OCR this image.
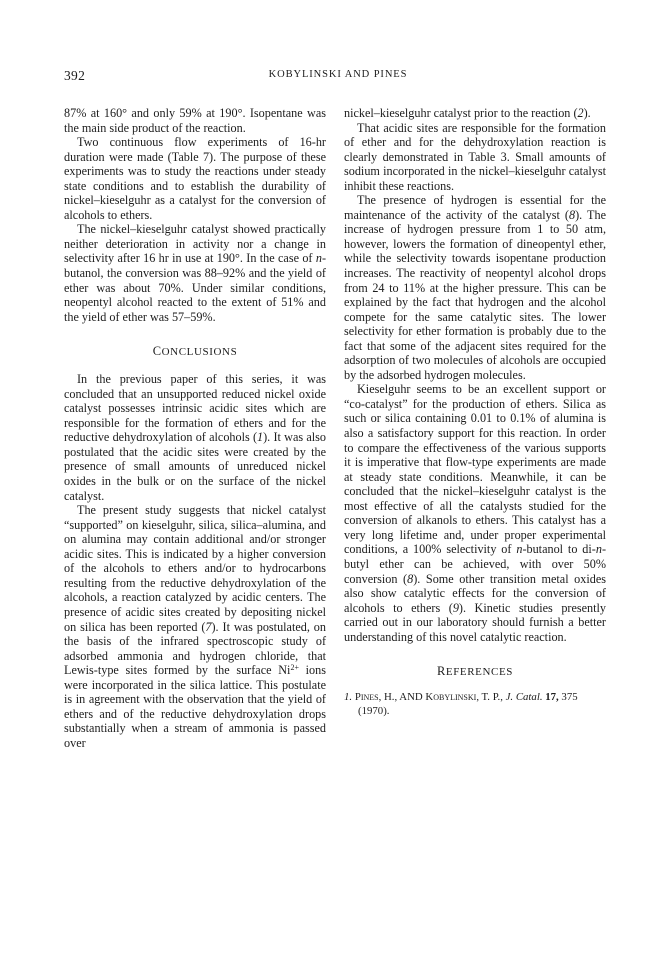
392	KOBYLINSKI AND PINES

87% at 160° and only 59% at 190°. Isopentane was the main side product of the reaction.

Two continuous flow experiments of 16-hr duration were made (Table 7). The purpose of these experiments was to study the reactions under steady state conditions and to establish the durability of nickel–kieselguhr as a catalyst for the conversion of alcohols to ethers.

The nickel–kieselguhr catalyst showed practically neither deterioration in activity nor a change in selectivity after 16 hr in use at 190°. In the case of n-butanol, the conversion was 88–92% and the yield of ether was about 70%. Under similar conditions, neopentyl alcohol reacted to the extent of 51% and the yield of ether was 57–59%.

CONCLUSIONS

In the previous paper of this series, it was concluded that an unsupported reduced nickel oxide catalyst possesses intrinsic acidic sites which are responsible for the formation of ethers and for the reductive dehydroxylation of alcohols (1). It was also postulated that the acidic sites were created by the presence of small amounts of unreduced nickel oxides in the bulk or on the surface of the nickel catalyst.

The present study suggests that nickel catalyst “supported” on kieselguhr, silica, silica–alumina, and on alumina may contain additional and/or stronger acidic sites. This is indicated by a higher conversion of the alcohols to ethers and/or to hydrocarbons resulting from the reductive dehydroxylation of the alcohols, a reaction catalyzed by acidic centers. The presence of acidic sites created by depositing nickel on silica has been reported (7). It was postulated, on the basis of the infrared spectroscopic study of adsorbed ammonia and hydrogen chloride, that Lewis-type sites formed by the surface $Ni^{2+}$ ions were incorporated in the silica lattice. This postulate is in agreement with the observation that the yield of ethers and of the reductive dehydroxylation drops substantially when a stream of ammonia is passed over

nickel–kieselguhr catalyst prior to the reaction (2).

That acidic sites are responsible for the formation of ether and for the dehydroxylation reaction is clearly demonstrated in Table 3. Small amounts of sodium incorporated in the nickel–kieselguhr catalyst inhibit these reactions.

The presence of hydrogen is essential for the maintenance of the activity of the catalyst (8). The increase of hydrogen pressure from 1 to 50 atm, however, lowers the formation of dineopentyl ether, while the selectivity towards isopentane production increases. The reactivity of neopentyl alcohol drops from 24 to 11% at the higher pressure. This can be explained by the fact that hydrogen and the alcohol compete for the same catalytic sites. The lower selectivity for ether formation is probably due to the fact that some of the adjacent sites required for the adsorption of two molecules of alcohols are occupied by the adsorbed hydrogen molecules.

Kieselguhr seems to be an excellent support or “co-catalyst” for the production of ethers. Silica as such or silica containing 0.01 to 0.1% of alumina is also a satisfactory support for this reaction. In order to compare the effectiveness of the various supports it is imperative that flow-type experiments are made at steady state conditions. Meanwhile, it can be concluded that the nickel–kieselguhr catalyst is the most effective of all the catalysts studied for the conversion of alkanols to ethers. This catalyst has a very long lifetime and, under proper experimental conditions, a 100% selectivity of n-butanol to di-n-butyl ether can be achieved, with over 50% conversion (8). Some other transition metal oxides also show catalytic effects for the conversion of alcohols to ethers (9). Kinetic studies presently carried out in our laboratory should furnish a better understanding of this novel catalytic reaction.

REFERENCES
1. Pines, H., AND Kobylinski, T. P., J. Catal. 17, 375 (1970).
